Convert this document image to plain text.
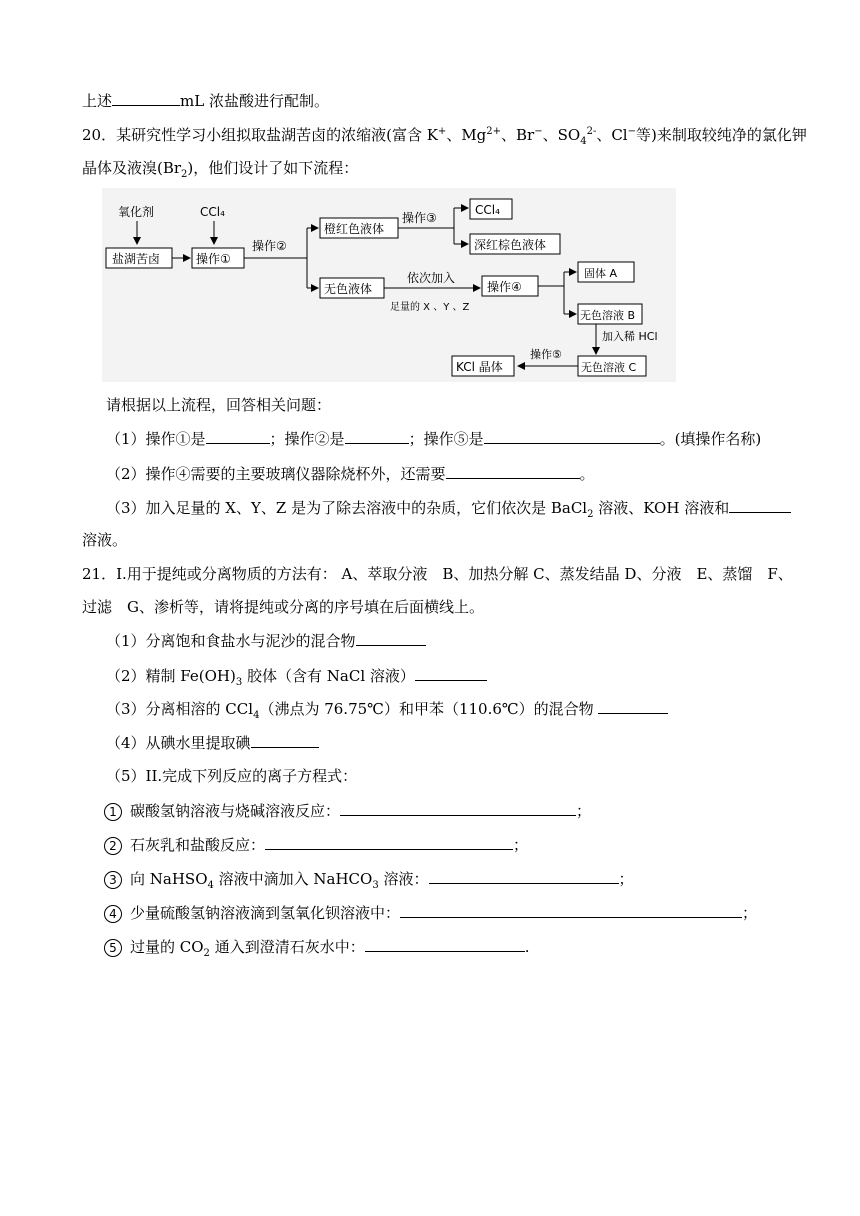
上述	mL 浓盐酸进行配制。
20．某研究性学习小组拟取盐湖苦卤的浓缩液(富含 K+、$Mg^{2+}$、Br−、$SO_4^{2-}$、Cl−等)来制取较纯净的氯化钾
晶体及液溴$(Br_2)$，他们设计了如下流程：
氧化剂	CCl₄
盐湖苦卤	操作①
操作②
橙红色液体
操作③
CCl₄
深红棕色液体
无色液体
依次加入
足量的 X 、Y 、Z
操作④
固体 A
无色溶液 B
加入稀 HCl
无色溶液 C
操作⑤
KCl 晶体
请根据以上流程，回答相关问题：
（1）操作①是	；操作②是	；操作⑤是	。(填操作名称)
（2）操作④需要的主要玻璃仪器除烧杯外，还需要	。
（3）加入足量的 X、Y、Z 是为了除去溶液中的杂质，它们依次是 BaCl$_2$ 溶液、KOH 溶液和
溶液。
21．I.用于提纯或分离物质的方法有： A、萃取分液　B、加热分解 C、蒸发结晶 D、分液　E、蒸馏　F、
过滤　G、渗析等，请将提纯或分离的序号填在后面横线上。
（1）分离饱和食盐水与泥沙的混合物
（2）精制 $Fe(OH)_3$ 胶体（含有 NaCl 溶液）
（3）分离相溶的 CCl$_4$（沸点为 76.75℃）和甲苯（110.6℃）的混合物
（4）从碘水里提取碘
（5）II.完成下列反应的离子方程式：
1 碳酸氢钠溶液与烧碱溶液反应：	；
2 石灰乳和盐酸反应：	；
3 向 NaHSO$_4$ 溶液中滴加入 NaHCO$_3$ 溶液：	；
4 少量硫酸氢钠溶液滴到氢氧化钡溶液中：	；
5 过量的 $CO_2$ 通入到澄清石灰水中：	.
